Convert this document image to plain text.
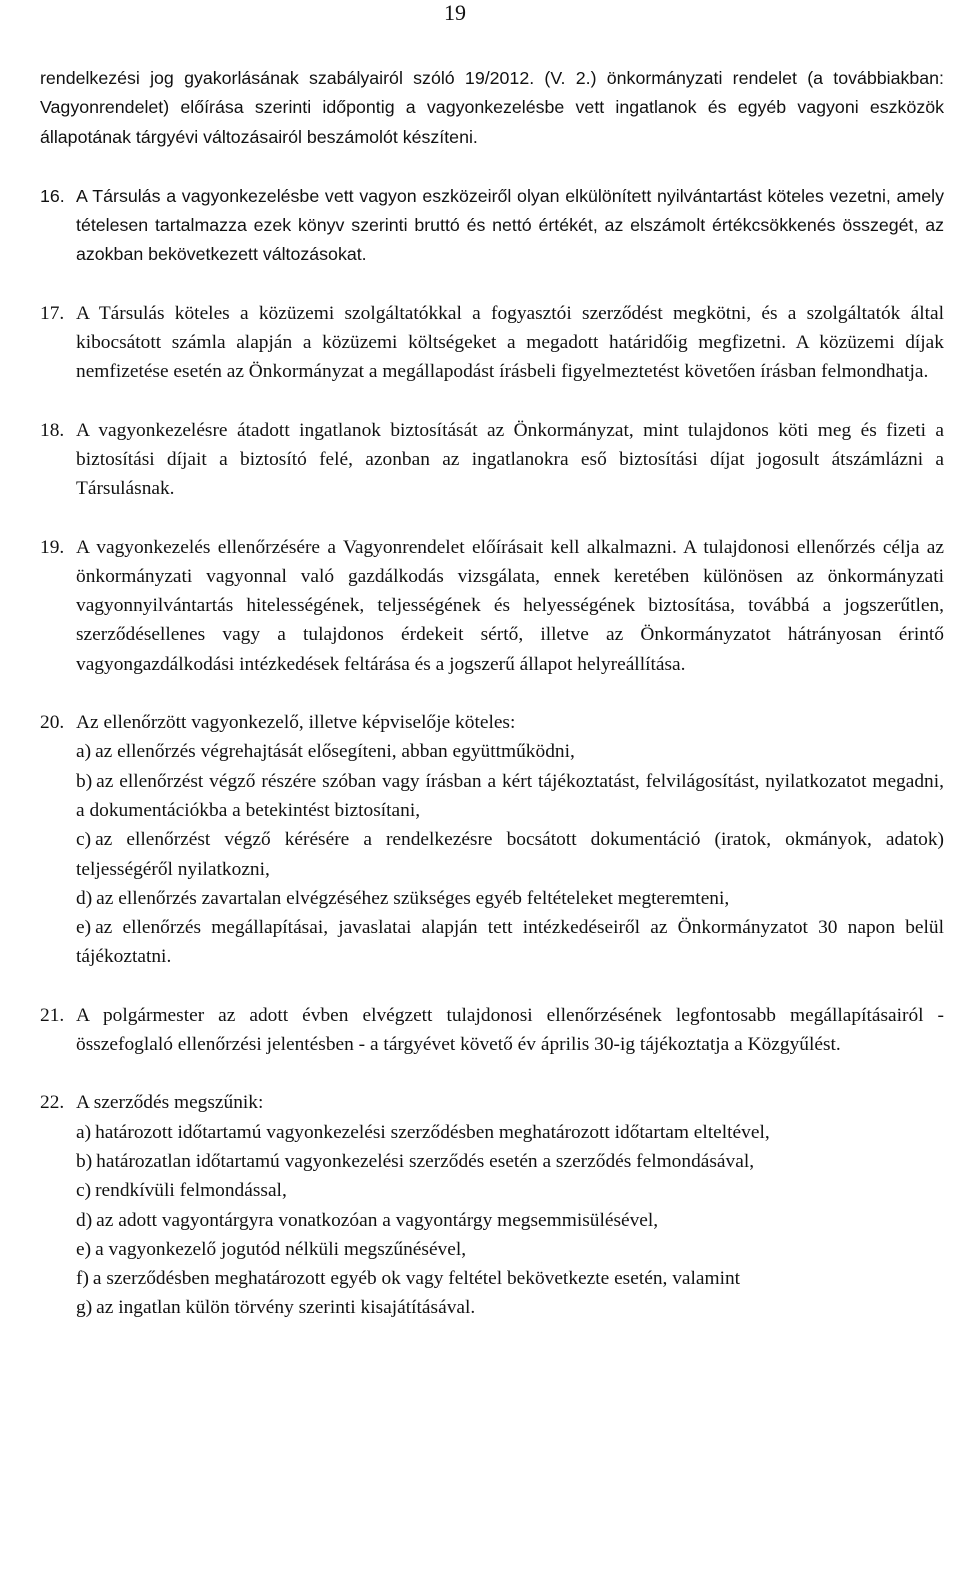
19

rendelkezési jog gyakorlásának szabályairól szóló 19/2012. (V. 2.) önkormányzati rendelet (a továbbiakban: Vagyonrendelet) előírása szerinti időpontig a vagyonkezelésbe vett ingatlanok és egyéb vagyoni eszközök állapotának tárgyévi változásairól beszámolót készíteni.

16. A Társulás a vagyonkezelésbe vett vagyon eszközeiről olyan elkülönített nyilvántartást köteles vezetni, amely tételesen tartalmazza ezek könyv szerinti bruttó és nettó értékét, az elszámolt értékcsökkenés összegét, az azokban bekövetkezett változásokat.
17. A Társulás köteles a közüzemi szolgáltatókkal a fogyasztói szerződést megkötni, és a szolgáltatók által kibocsátott számla alapján a közüzemi költségeket a megadott határidőig megfizetni. A közüzemi díjak nemfizetése esetén az Önkormányzat a megállapodást írásbeli figyelmeztetést követően írásban felmondhatja.
18. A vagyonkezelésre átadott ingatlanok biztosítását az Önkormányzat, mint tulajdonos köti meg és fizeti a biztosítási díjait a biztosító felé, azonban az ingatlanokra eső biztosítási díjat jogosult átszámlázni a Társulásnak.
19. A vagyonkezelés ellenőrzésére a Vagyonrendelet előírásait kell alkalmazni. A tulajdonosi ellenőrzés célja az önkormányzati vagyonnal való gazdálkodás vizsgálata, ennek keretében különösen az önkormányzati vagyonnyilvántartás hitelességének, teljességének és helyességének biztosítása, továbbá a jogszerűtlen, szerződésellenes vagy a tulajdonos érdekeit sértő, illetve az Önkormányzatot hátrányosan érintő vagyongazdálkodási intézkedések feltárása és a jogszerű állapot helyreállítása.
20. Az ellenőrzött vagyonkezelő, illetve képviselője köteles:
a) az ellenőrzés végrehajtását elősegíteni, abban együttműködni,
b) az ellenőrzést végző részére szóban vagy írásban a kért tájékoztatást, felvilágosítást, nyilatkozatot megadni, a dokumentációkba a betekintést biztosítani,
c) az ellenőrzést végző kérésére a rendelkezésre bocsátott dokumentáció (iratok, okmányok, adatok) teljességéről nyilatkozni,
d) az ellenőrzés zavartalan elvégzéséhez szükséges egyéb feltételeket megteremteni,
e) az ellenőrzés megállapításai, javaslatai alapján tett intézkedéseiről az Önkormányzatot 30 napon belül tájékoztatni.
21. A polgármester az adott évben elvégzett tulajdonosi ellenőrzésének legfontosabb megállapításairól - összefoglaló ellenőrzési jelentésben - a tárgyévet követő év április 30-ig tájékoztatja a Közgyűlést.
22. A szerződés megszűnik:
a) határozott időtartamú vagyonkezelési szerződésben meghatározott időtartam elteltével,
b) határozatlan időtartamú vagyonkezelési szerződés esetén a szerződés felmondásával,
c) rendkívüli felmondással,
d) az adott vagyontárgyra vonatkozóan a vagyontárgy megsemmisülésével,
e) a vagyonkezelő jogutód nélküli megszűnésével,
f) a szerződésben meghatározott egyéb ok vagy feltétel bekövetkezte esetén, valamint
g) az ingatlan külön törvény szerinti kisajátításával.
